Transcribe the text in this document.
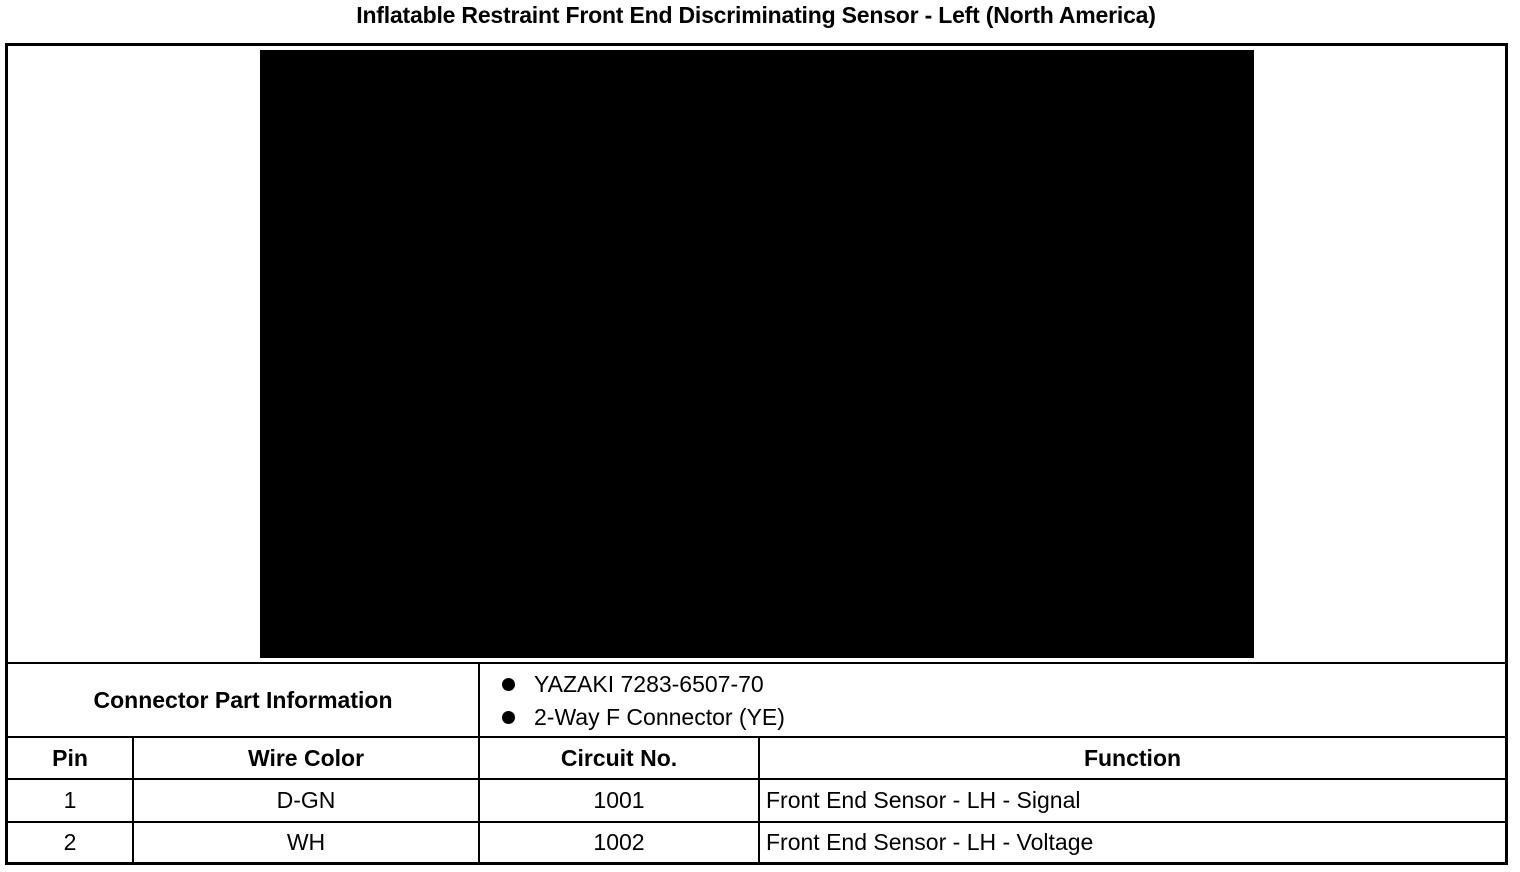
Inflatable Restraint Front End Discriminating Sensor - Left (North America)
Connector Part Information
YAZAKI 7283-6507-70
2-Way F Connector (YE)
Pin	Wire Color	Circuit No.	Function
1	D-GN	1001	Front End Sensor - LH - Signal
2	WH	1002	Front End Sensor - LH - Voltage
